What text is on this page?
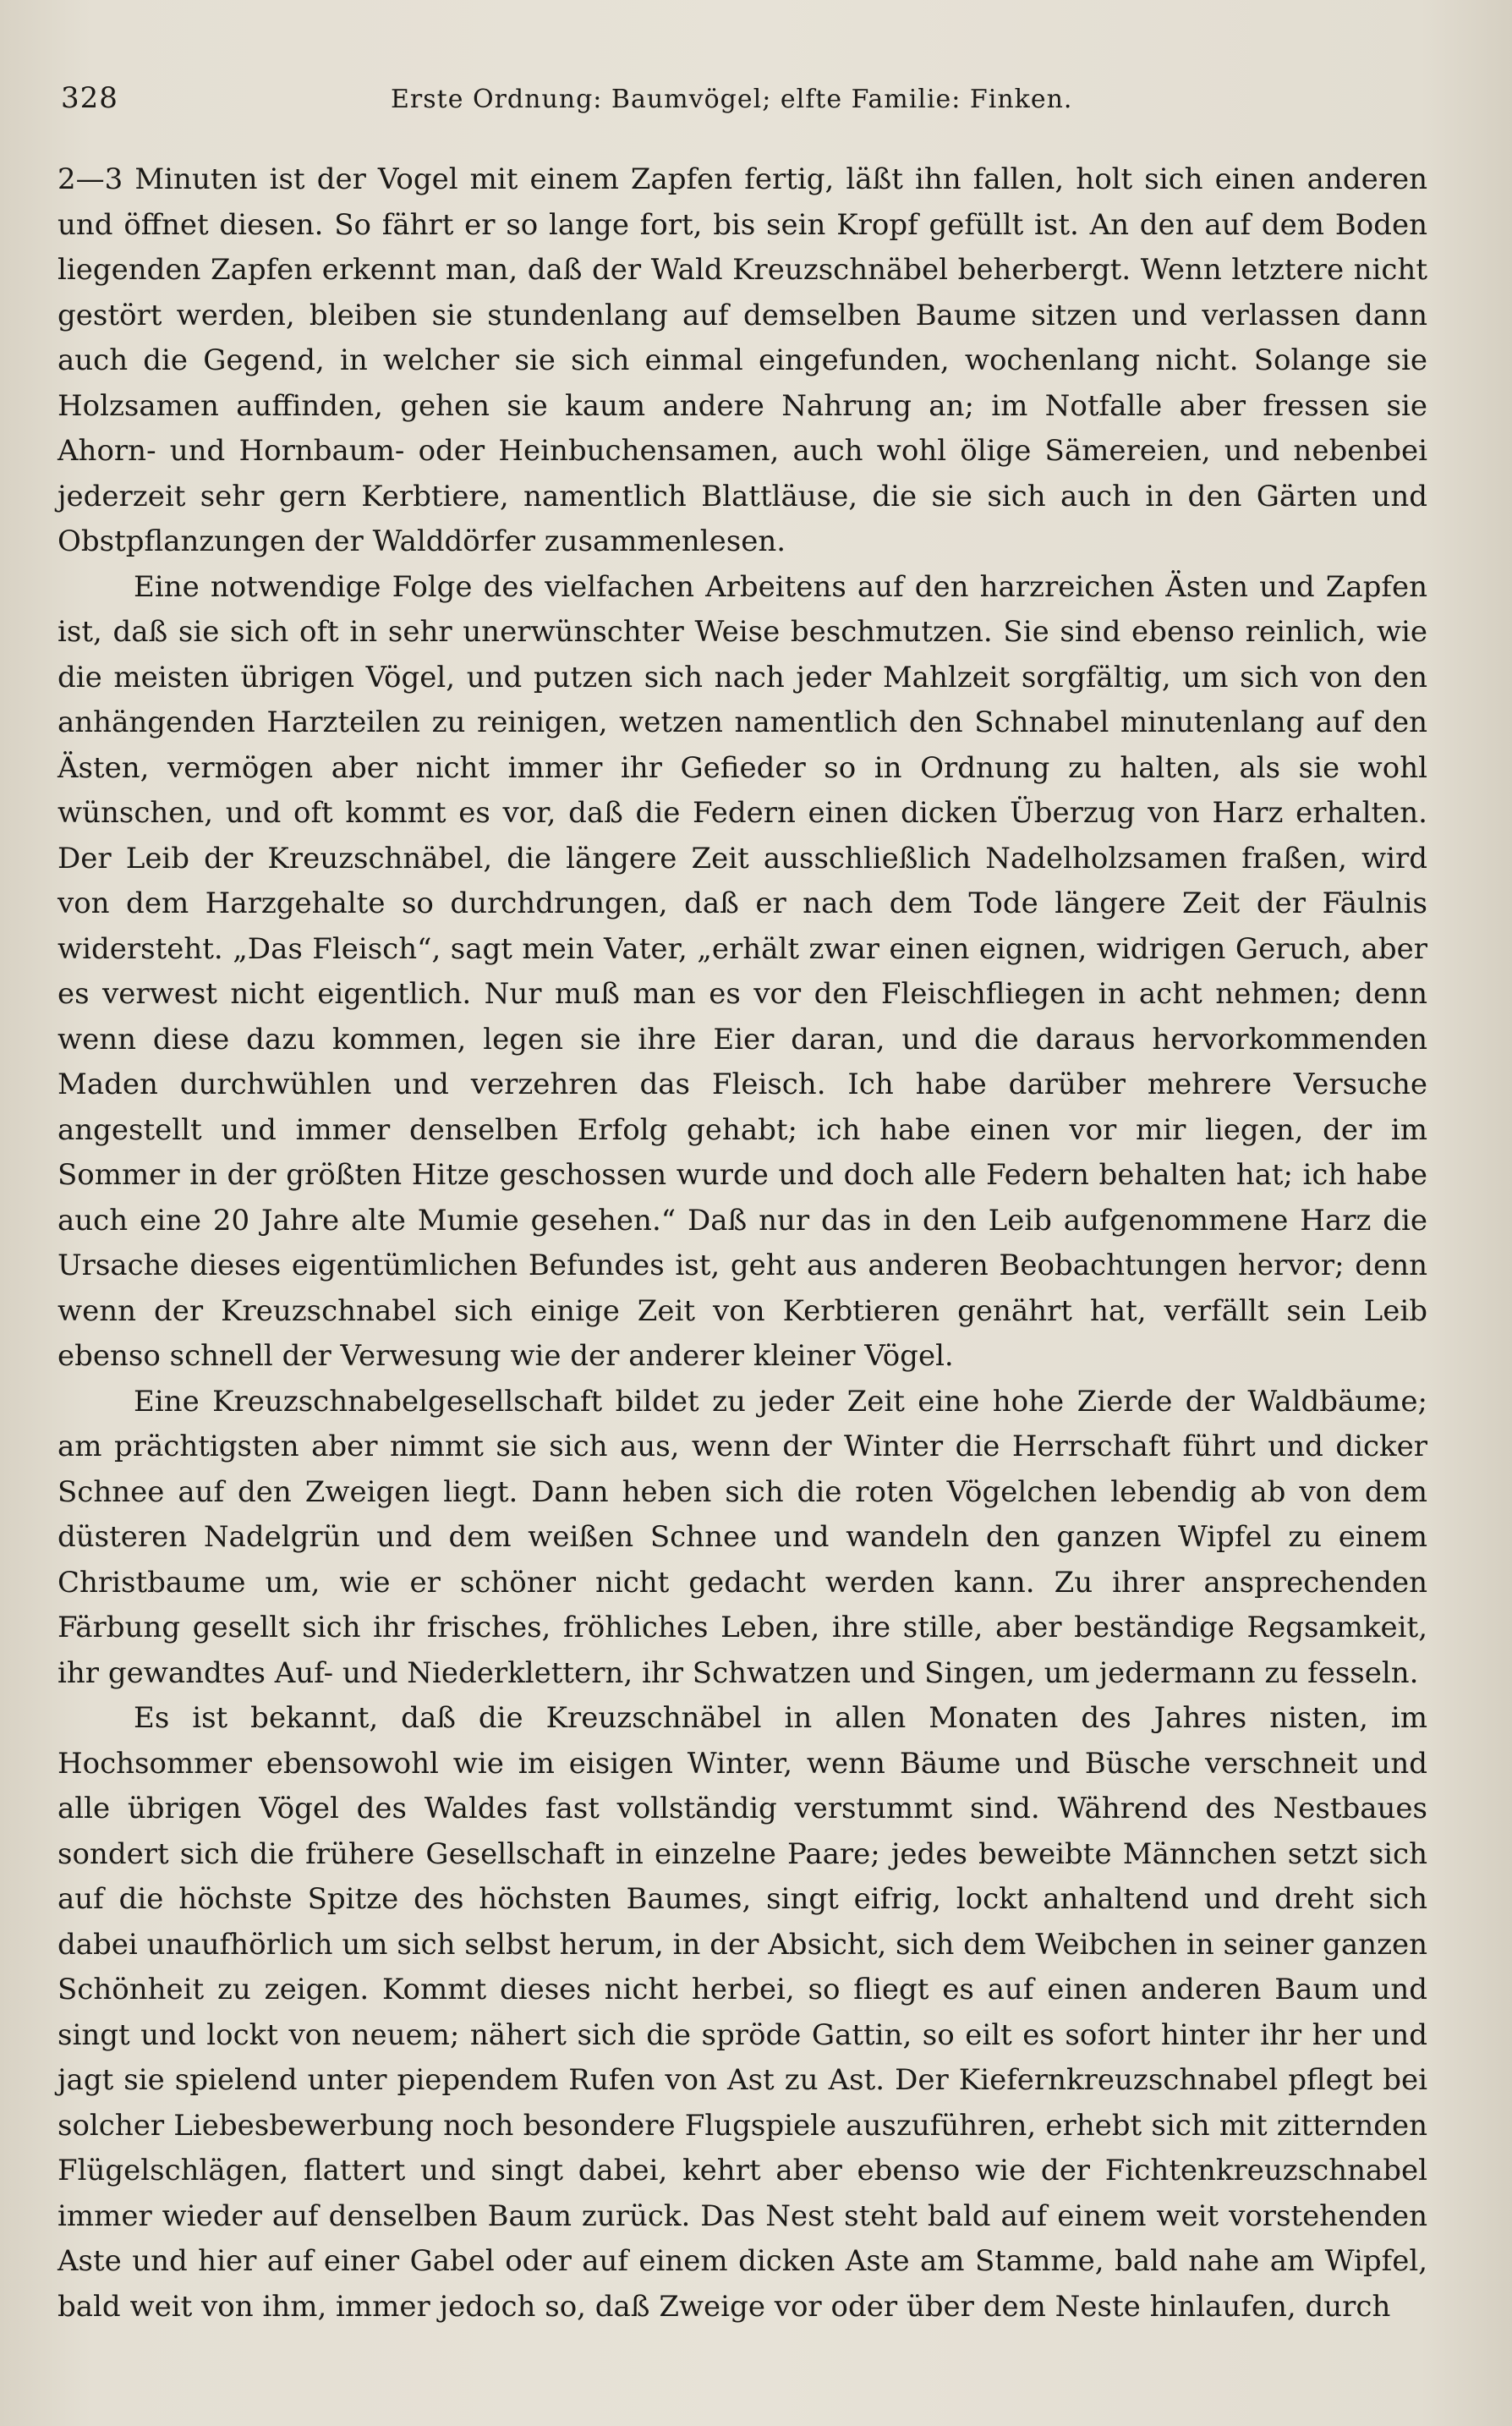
328	Erste Ordnung: Baumvögel; elfte Familie: Finken.

2—3 Minuten ist der Vogel mit einem Zapfen fertig, läßt ihn fallen, holt sich einen anderen und öffnet diesen. So fährt er so lange fort, bis sein Kropf gefüllt ist. An den auf dem Boden liegenden Zapfen erkennt man, daß der Wald Kreuzschnäbel beherbergt. Wenn letztere nicht gestört werden, bleiben sie stundenlang auf demselben Baume sitzen und verlassen dann auch die Gegend, in welcher sie sich einmal eingefunden, wochenlang nicht. Solange sie Holzsamen auffinden, gehen sie kaum andere Nahrung an; im Notfalle aber fressen sie Ahorn- und Hornbaum- oder Heinbuchensamen, auch wohl ölige Sämereien, und nebenbei jederzeit sehr gern Kerbtiere, namentlich Blattläuse, die sie sich auch in den Gärten und Obstpflanzungen der Walddörfer zusammenlesen.

Eine notwendige Folge des vielfachen Arbeitens auf den harzreichen Ästen und Zapfen ist, daß sie sich oft in sehr unerwünschter Weise beschmutzen. Sie sind ebenso reinlich, wie die meisten übrigen Vögel, und putzen sich nach jeder Mahlzeit sorgfältig, um sich von den anhängenden Harzteilen zu reinigen, wetzen namentlich den Schnabel minutenlang auf den Ästen, vermögen aber nicht immer ihr Gefieder so in Ordnung zu halten, als sie wohl wünschen, und oft kommt es vor, daß die Federn einen dicken Überzug von Harz erhalten. Der Leib der Kreuzschnäbel, die längere Zeit ausschließlich Nadelholzsamen fraßen, wird von dem Harzgehalte so durchdrungen, daß er nach dem Tode längere Zeit der Fäulnis widersteht. „Das Fleisch“, sagt mein Vater, „erhält zwar einen eignen, widrigen Geruch, aber es verwest nicht eigentlich. Nur muß man es vor den Fleischfliegen in acht nehmen; denn wenn diese dazu kommen, legen sie ihre Eier daran, und die daraus hervorkommenden Maden durchwühlen und verzehren das Fleisch. Ich habe darüber mehrere Versuche angestellt und immer denselben Erfolg gehabt; ich habe einen vor mir liegen, der im Sommer in der größten Hitze geschossen wurde und doch alle Federn behalten hat; ich habe auch eine 20 Jahre alte Mumie gesehen.“ Daß nur das in den Leib aufgenommene Harz die Ursache dieses eigentümlichen Befundes ist, geht aus anderen Beobachtungen hervor; denn wenn der Kreuzschnabel sich einige Zeit von Kerbtieren genährt hat, verfällt sein Leib ebenso schnell der Verwesung wie der anderer kleiner Vögel.

Eine Kreuzschnabelgesellschaft bildet zu jeder Zeit eine hohe Zierde der Waldbäume; am prächtigsten aber nimmt sie sich aus, wenn der Winter die Herrschaft führt und dicker Schnee auf den Zweigen liegt. Dann heben sich die roten Vögelchen lebendig ab von dem düsteren Nadelgrün und dem weißen Schnee und wandeln den ganzen Wipfel zu einem Christbaume um, wie er schöner nicht gedacht werden kann. Zu ihrer ansprechenden Färbung gesellt sich ihr frisches, fröhliches Leben, ihre stille, aber beständige Regsamkeit, ihr gewandtes Auf- und Niederklettern, ihr Schwatzen und Singen, um jedermann zu fesseln.

Es ist bekannt, daß die Kreuzschnäbel in allen Monaten des Jahres nisten, im Hochsommer ebensowohl wie im eisigen Winter, wenn Bäume und Büsche verschneit und alle übrigen Vögel des Waldes fast vollständig verstummt sind. Während des Nestbaues sondert sich die frühere Gesellschaft in einzelne Paare; jedes beweibte Männchen setzt sich auf die höchste Spitze des höchsten Baumes, singt eifrig, lockt anhaltend und dreht sich dabei unaufhörlich um sich selbst herum, in der Absicht, sich dem Weibchen in seiner ganzen Schönheit zu zeigen. Kommt dieses nicht herbei, so fliegt es auf einen anderen Baum und singt und lockt von neuem; nähert sich die spröde Gattin, so eilt es sofort hinter ihr her und jagt sie spielend unter piependem Rufen von Ast zu Ast. Der Kiefernkreuzschnabel pflegt bei solcher Liebesbewerbung noch besondere Flugspiele auszuführen, erhebt sich mit zitternden Flügelschlägen, flattert und singt dabei, kehrt aber ebenso wie der Fichtenkreuzschnabel immer wieder auf denselben Baum zurück. Das Nest steht bald auf einem weit vorstehenden Aste und hier auf einer Gabel oder auf einem dicken Aste am Stamme, bald nahe am Wipfel, bald weit von ihm, immer jedoch so, daß Zweige vor oder über dem Neste hinlaufen, durch
